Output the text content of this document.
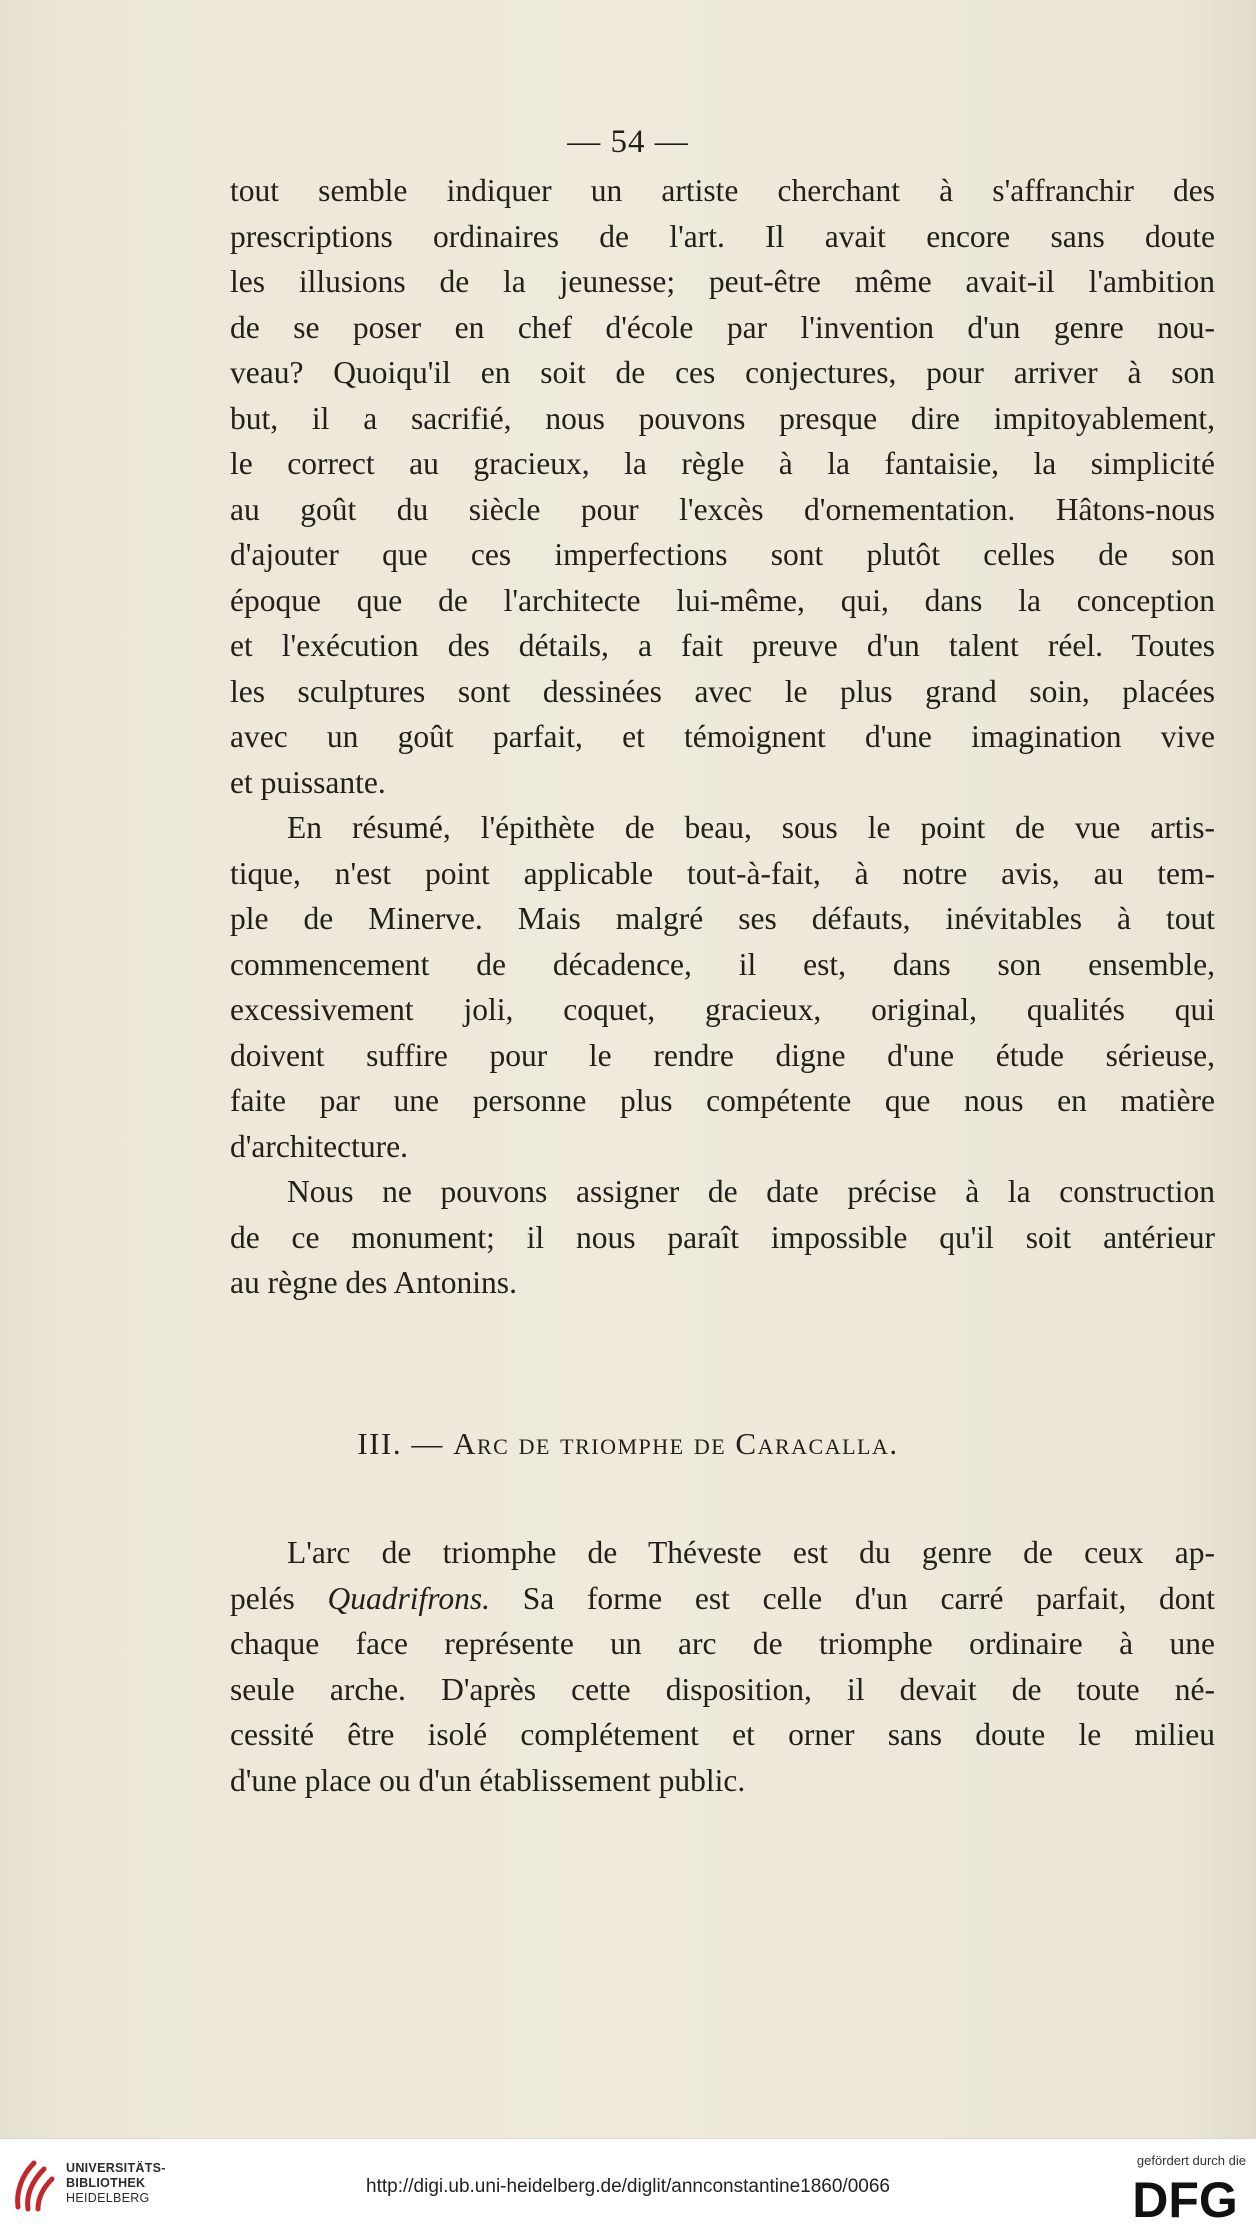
— 54 —
tout semble indiquer un artiste cherchant à s'affranchir des
prescriptions ordinaires de l'art. Il avait encore sans doute
les illusions de la jeunesse; peut-être même avait-il l'ambition
de se poser en chef d'école par l'invention d'un genre nou-
veau? Quoiqu'il en soit de ces conjectures, pour arriver à son
but, il a sacrifié, nous pouvons presque dire impitoyablement,
le correct au gracieux, la règle à la fantaisie, la simplicité
au goût du siècle pour l'excès d'ornementation. Hâtons-nous
d'ajouter que ces imperfections sont plutôt celles de son
époque que de l'architecte lui-même, qui, dans la conception
et l'exécution des détails, a fait preuve d'un talent réel. Toutes
les sculptures sont dessinées avec le plus grand soin, placées
avec un goût parfait, et témoignent d'une imagination vive
et puissante.
En résumé, l'épithète de beau, sous le point de vue artis-
tique, n'est point applicable tout-à-fait, à notre avis, au tem-
ple de Minerve. Mais malgré ses défauts, inévitables à tout
commencement de décadence, il est, dans son ensemble,
excessivement joli, coquet, gracieux, original, qualités qui
doivent suffire pour le rendre digne d'une étude sérieuse,
faite par une personne plus compétente que nous en matière
d'architecture.
Nous ne pouvons assigner de date précise à la construction
de ce monument; il nous paraît impossible qu'il soit antérieur
au règne des Antonins.
III. — Arc de triomphe de Caracalla.
L'arc de triomphe de Théveste est du genre de ceux ap-
pelés Quadrifrons. Sa forme est celle d'un carré parfait, dont
chaque face représente un arc de triomphe ordinaire à une
seule arche. D'après cette disposition, il devait de toute né-
cessité être isolé complétement et orner sans doute le milieu
d'une place ou d'un établissement public.
UNIVERSITÄTS-
BIBLIOTHEK
HEIDELBERG
http://digi.ub.uni-heidelberg.de/diglit/annconstantine1860/0066
gefördert durch die
DFG
